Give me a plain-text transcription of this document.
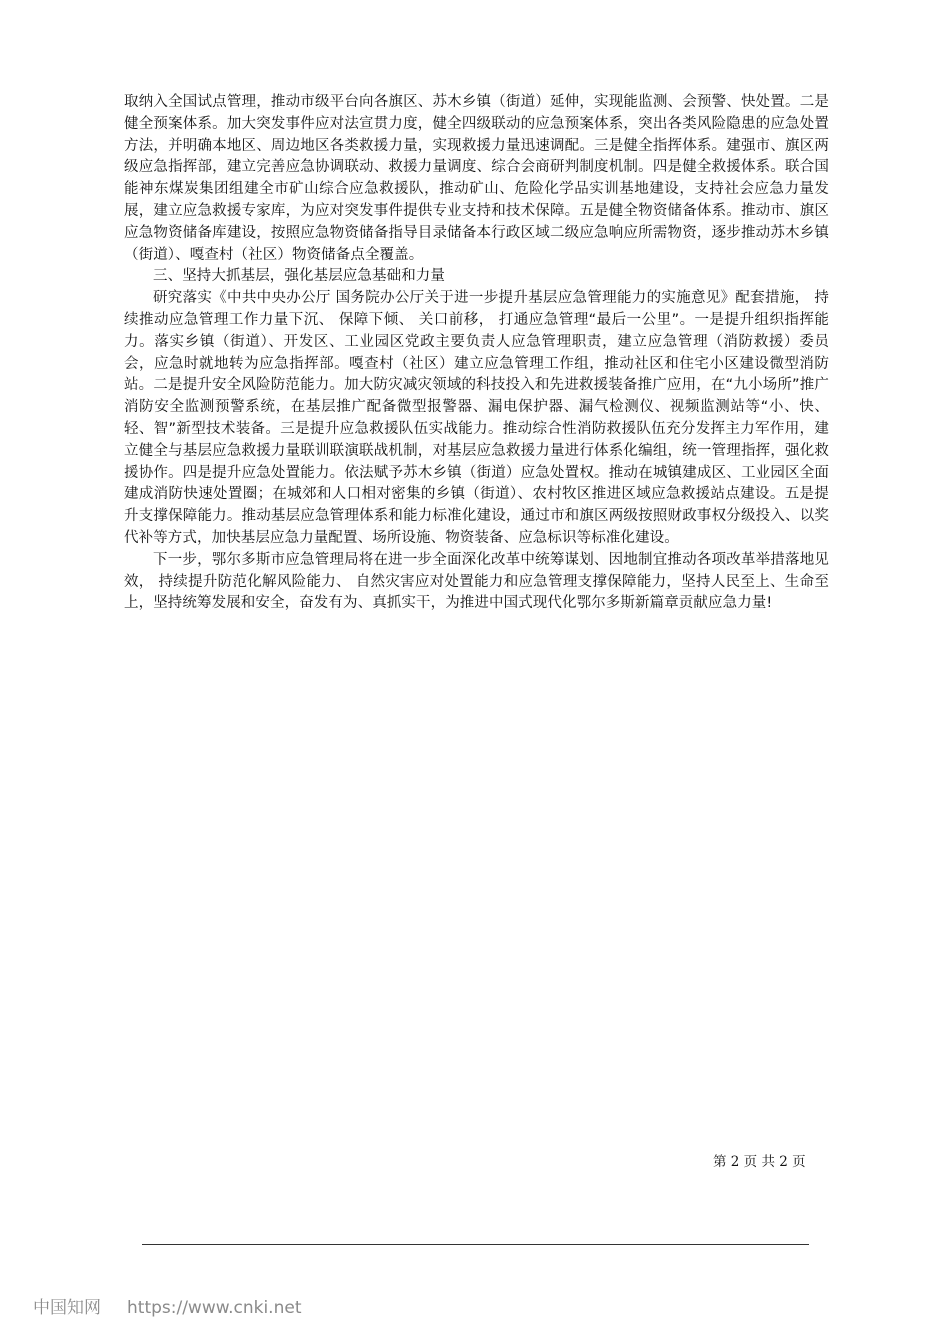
取纳入全国试点管理，推动市级平台向各旗区、苏木乡镇（街道）延伸，实现能监测、会预警、快处置。二是健全预案体系。加大突发事件应对法宣贯力度，健全四级联动的应急预案体系，突出各类风险隐患的应急处置方法，并明确本地区、周边地区各类救援力量，实现救援力量迅速调配。三是健全指挥体系。建强市、旗区两级应急指挥部，建立完善应急协调联动、救援力量调度、综合会商研判制度机制。四是健全救援体系。联合国能神东煤炭集团组建全市矿山综合应急救援队，推动矿山、危险化学品实训基地建设，支持社会应急力量发展，建立应急救援专家库，为应对突发事件提供专业支持和技术保障。五是健全物资储备体系。推动市、旗区应急物资储备库建设，按照应急物资储备指导目录储备本行政区域二级应急响应所需物资，逐步推动苏木乡镇（街道）、嘎查村（社区）物资储备点全覆盖。

三、坚持大抓基层，强化基层应急基础和力量

研究落实《中共中央办公厅 国务院办公厅关于进一步提升基层应急管理能力的实施意见》配套措施， 持续推动应急管理工作力量下沉、 保障下倾、 关口前移， 打通应急管理“最后一公里”。一是提升组织指挥能力。落实乡镇（街道）、开发区、工业园区党政主要负责人应急管理职责，建立应急管理（消防救援）委员会，应急时就地转为应急指挥部。嘎查村（社区）建立应急管理工作组，推动社区和住宅小区建设微型消防站。二是提升安全风险防范能力。加大防灾减灾领域的科技投入和先进救援装备推广应用，在“九小场所”推广消防安全监测预警系统，在基层推广配备微型报警器、漏电保护器、漏气检测仪、视频监测站等“小、快、轻、智”新型技术装备。三是提升应急救援队伍实战能力。推动综合性消防救援队伍充分发挥主力军作用，建立健全与基层应急救援力量联训联演联战机制，对基层应急救援力量进行体系化编组，统一管理指挥，强化救援协作。四是提升应急处置能力。依法赋予苏木乡镇（街道）应急处置权。推动在城镇建成区、工业园区全面建成消防快速处置圈；在城郊和人口相对密集的乡镇（街道）、农村牧区推进区域应急救援站点建设。五是提升支撑保障能力。推动基层应急管理体系和能力标准化建设，通过市和旗区两级按照财政事权分级投入、以奖代补等方式，加快基层应急力量配置、场所设施、物资装备、应急标识等标准化建设。

下一步，鄂尔多斯市应急管理局将在进一步全面深化改革中统筹谋划、因地制宜推动各项改革举措落地见效， 持续提升防范化解风险能力、 自然灾害应对处置能力和应急管理支撑保障能力，坚持人民至上、生命至上，坚持统筹发展和安全，奋发有为、真抓实干，为推进中国式现代化鄂尔多斯新篇章贡献应急力量!

第 2 页 共 2 页
中国知网 https://www.cnki.net
